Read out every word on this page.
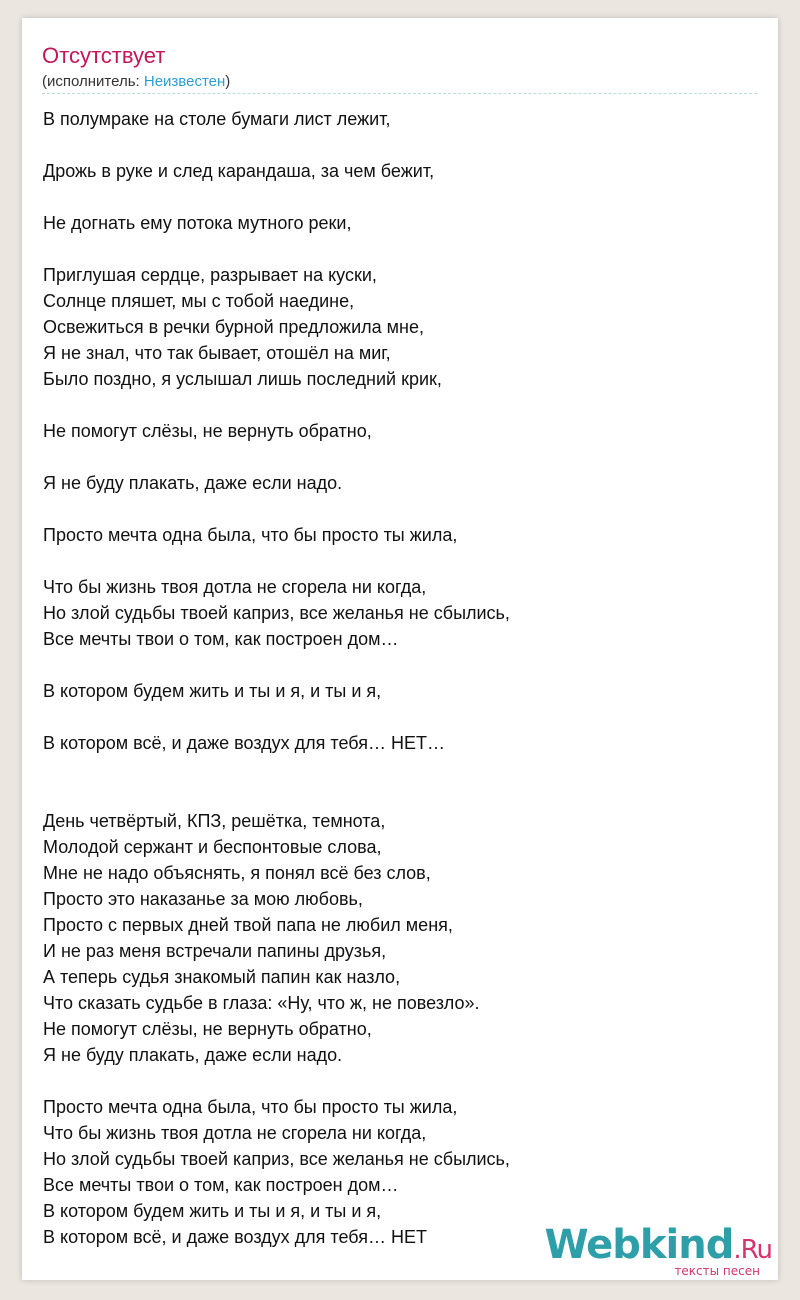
Отсутствует
(исполнитель: Неизвестен)
В полумраке на столе бумаги лист лежит,
Дрожь в руке и след карандаша, за чем бежит,
Не догнать ему потока мутного реки,
Приглушая сердце, разрывает на куски,
Солнце пляшет, мы с тобой наедине,
Освежиться в речки бурной предложила мне,
Я не знал, что так бывает, отошёл на миг,
Было поздно, я услышал лишь последний крик,
Не помогут слёзы, не вернуть обратно,
Я не буду плакать, даже если надо.
Просто мечта одна была, что бы просто ты жила,
Что бы жизнь твоя дотла не сгорела ни когда,
Но злой судьбы твоей каприз, все желанья не сбылись,
Все мечты твои о том, как построен дом…
В котором будем жить и ты и я, и ты и я,
В котором всё, и даже воздух для тебя… НЕТ…
День четвёртый, КПЗ, решётка, темнота,
Молодой сержант и беспонтовые слова,
Мне не надо объяснять, я понял всё без слов,
Просто это наказанье за мою любовь,
Просто с первых дней твой папа не любил меня,
И не раз меня встречали папины друзья,
А теперь судья знакомый папин как назло,
Что сказать судьбе в глаза: «Ну, что ж, не повезло».
Не помогут слёзы, не вернуть обратно,
Я не буду плакать, даже если надо.
Просто мечта одна была, что бы просто ты жила,
Что бы жизнь твоя дотла не сгорела ни когда,
Но злой судьбы твоей каприз, все желанья не сбылись,
Все мечты твои о том, как построен дом…
В котором будем жить и ты и я, и ты и я,
В котором всё, и даже воздух для тебя… НЕТ	Webkind.Ru
тексты песен
